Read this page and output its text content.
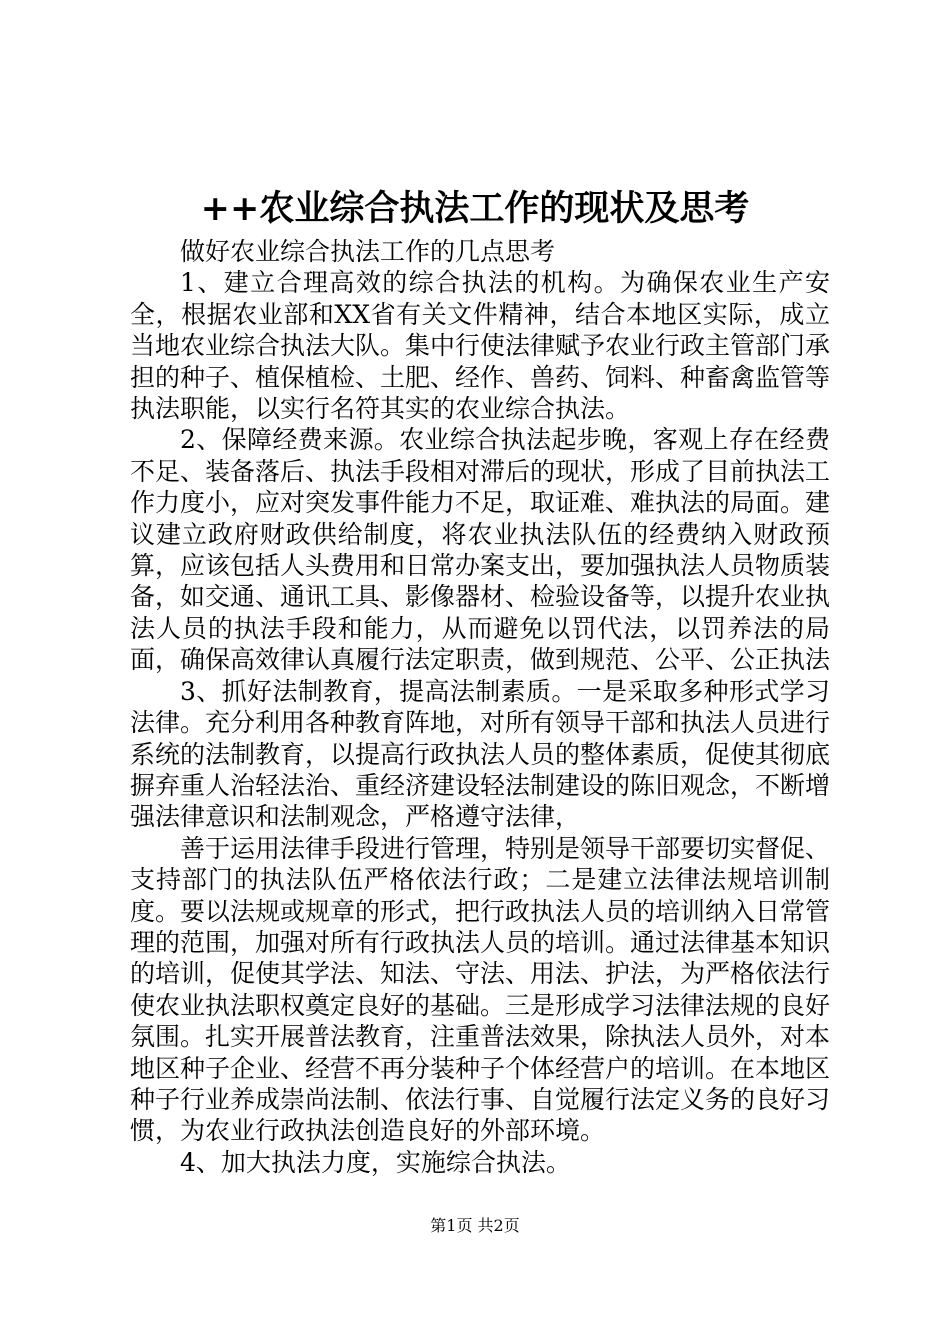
++农业综合执法工作的现状及思考

做好农业综合执法工作的几点思考

1、建立合理高效的综合执法的机构。为确保农业生产安全，根据农业部和XX省有关文件精神，结合本地区实际，成立当地农业综合执法大队。集中行使法律赋予农业行政主管部门承担的种子、植保植检、土肥、经作、兽药、饲料、种畜禽监管等执法职能，以实行名符其实的农业综合执法。

2、保障经费来源。农业综合执法起步晚，客观上存在经费不足、装备落后、执法手段相对滞后的现状，形成了目前执法工作力度小，应对突发事件能力不足，取证难、难执法的局面。建议建立政府财政供给制度，将农业执法队伍的经费纳入财政预算，应该包括人头费用和日常办案支出，要加强执法人员物质装备，如交通、通讯工具、影像器材、检验设备等，以提升农业执法人员的执法手段和能力，从而避免以罚代法，以罚养法的局面，确保高效律认真履行法定职责，做到规范、公平、公正执法

3、抓好法制教育，提高法制素质。一是采取多种形式学习法律。充分利用各种教育阵地，对所有领导干部和执法人员进行系统的法制教育，以提高行政执法人员的整体素质，促使其彻底摒弃重人治轻法治、重经济建设轻法制建设的陈旧观念，不断增强法律意识和法制观念，严格遵守法律，

善于运用法律手段进行管理，特别是领导干部要切实督促、支持部门的执法队伍严格依法行政；二是建立法律法规培训制度。要以法规或规章的形式，把行政执法人员的培训纳入日常管理的范围，加强对所有行政执法人员的培训。通过法律基本知识的培训，促使其学法、知法、守法、用法、护法，为严格依法行使农业执法职权奠定良好的基础。三是形成学习法律法规的良好氛围。扎实开展普法教育，注重普法效果，除执法人员外，对本地区种子企业、经营不再分装种子个体经营户的培训。在本地区种子行业养成崇尚法制、依法行事、自觉履行法定义务的良好习惯，为农业行政执法创造良好的外部环境。

4、加大执法力度，实施综合执法。

第1页 共2页
